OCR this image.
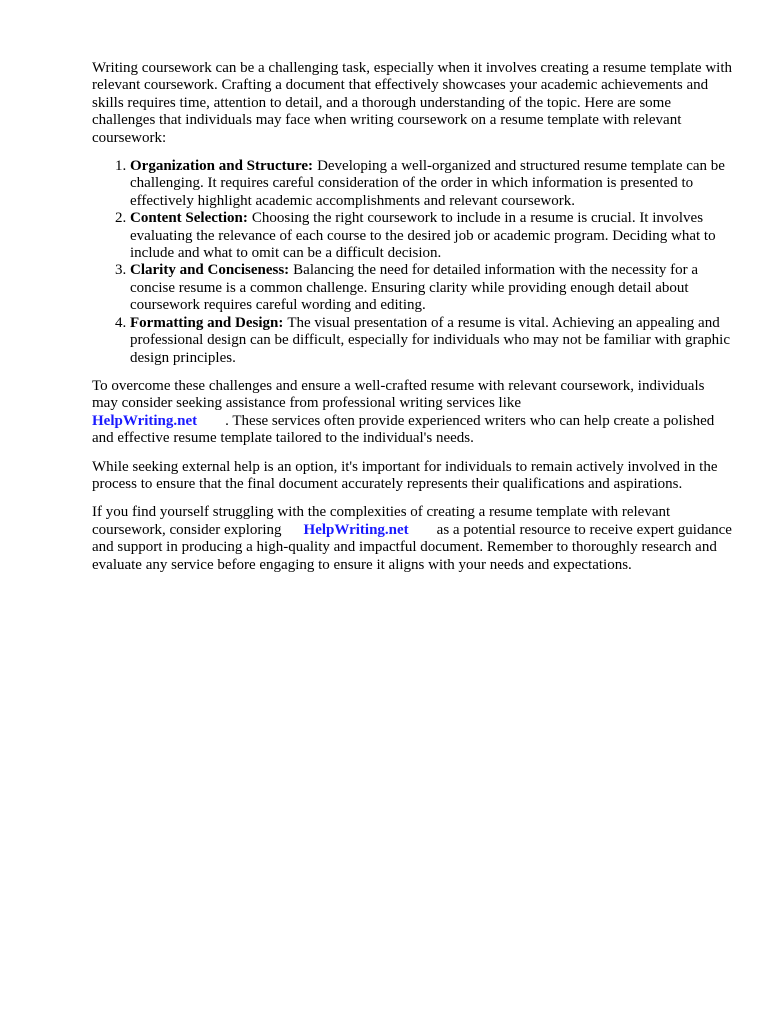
Writing coursework can be a challenging task, especially when it involves creating a resume template with relevant coursework. Crafting a document that effectively showcases your academic achievements and skills requires time, attention to detail, and a thorough understanding of the topic. Here are some challenges that individuals may face when writing coursework on a resume template with relevant coursework:

1. Organization and Structure: Developing a well-organized and structured resume template can be challenging. It requires careful consideration of the order in which information is presented to effectively highlight academic accomplishments and relevant coursework.
2. Content Selection: Choosing the right coursework to include in a resume is crucial. It involves evaluating the relevance of each course to the desired job or academic program. Deciding what to include and what to omit can be a difficult decision.
3. Clarity and Conciseness: Balancing the need for detailed information with the necessity for a concise resume is a common challenge. Ensuring clarity while providing enough detail about coursework requires careful wording and editing.
4. Formatting and Design: The visual presentation of a resume is vital. Achieving an appealing and professional design can be difficult, especially for individuals who may not be familiar with graphic design principles.

To overcome these challenges and ensure a well-crafted resume with relevant coursework, individuals may consider seeking assistance from professional writing services like
HelpWriting.net . These services often provide experienced writers who can help create a polished and effective resume template tailored to the individual's needs.

While seeking external help is an option, it's important for individuals to remain actively involved in the process to ensure that the final document accurately represents their qualifications and aspirations.

If you find yourself struggling with the complexities of creating a resume template with relevant coursework, consider exploring HelpWriting.net as a potential resource to receive expert guidance and support in producing a high-quality and impactful document. Remember to thoroughly research and evaluate any service before engaging to ensure it aligns with your needs and expectations.
